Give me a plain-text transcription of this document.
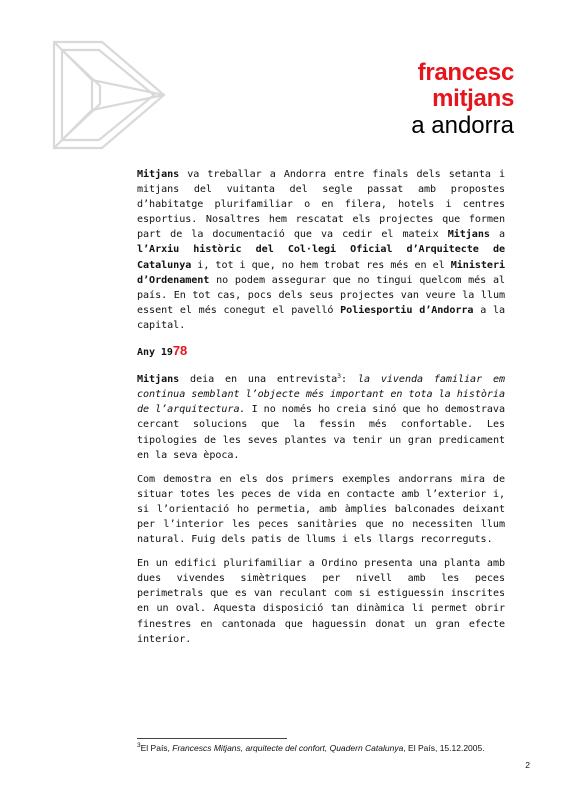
francesc
mitjans
a andorra

Mitjans va treballar a Andorra entre finals dels setanta i mitjans del vuitanta del segle passat amb propostes d’habitatge plurifamiliar o en filera, hotels i centres esportius. Nosaltres hem rescatat els projectes que formen part de la documentació que va cedir el mateix Mitjans a l’Arxiu històric del Col·legi Oficial d’Arquitecte de Catalunya i, tot i que, no hem trobat res més en el Ministeri d’Ordenament no podem assegurar que no tingui quelcom més al país. En tot cas, pocs dels seus projectes van veure la llum essent el més conegut el pavelló Poliesportiu d’Andorra a la capital.

Any 1978

Mitjans deia en una entrevista$^3$: la vivenda familiar em continua semblant l’objecte més important en tota la història de l’arquitectura. I no només ho creia sinó que ho demostrava cercant solucions que la fessin més confortable. Les tipologies de les seves plantes va tenir un gran predicament en la seva època.

Com demostra en els dos primers exemples andorrans mira de situar totes les peces de vida en contacte amb l’exterior i, si l’orientació ho permetia, amb àmplies balconades deixant per l’interior les peces sanitàries que no necessiten llum natural. Fuig dels patis de llums i els llargs recorreguts.

En un edifici plurifamiliar a Ordino presenta una planta amb dues vivendes simètriques per nivell amb les peces perimetrals que es van reculant com si estiguessin inscrites en un oval. Aquesta disposició tan dinàmica li permet obrir finestres en cantonada que haguessin donat un gran efecte interior.

$^3$El País, Francescs Mitjans, arquitecte del confort, Quadern Catalunya, El País, 15.12.2005.
2
